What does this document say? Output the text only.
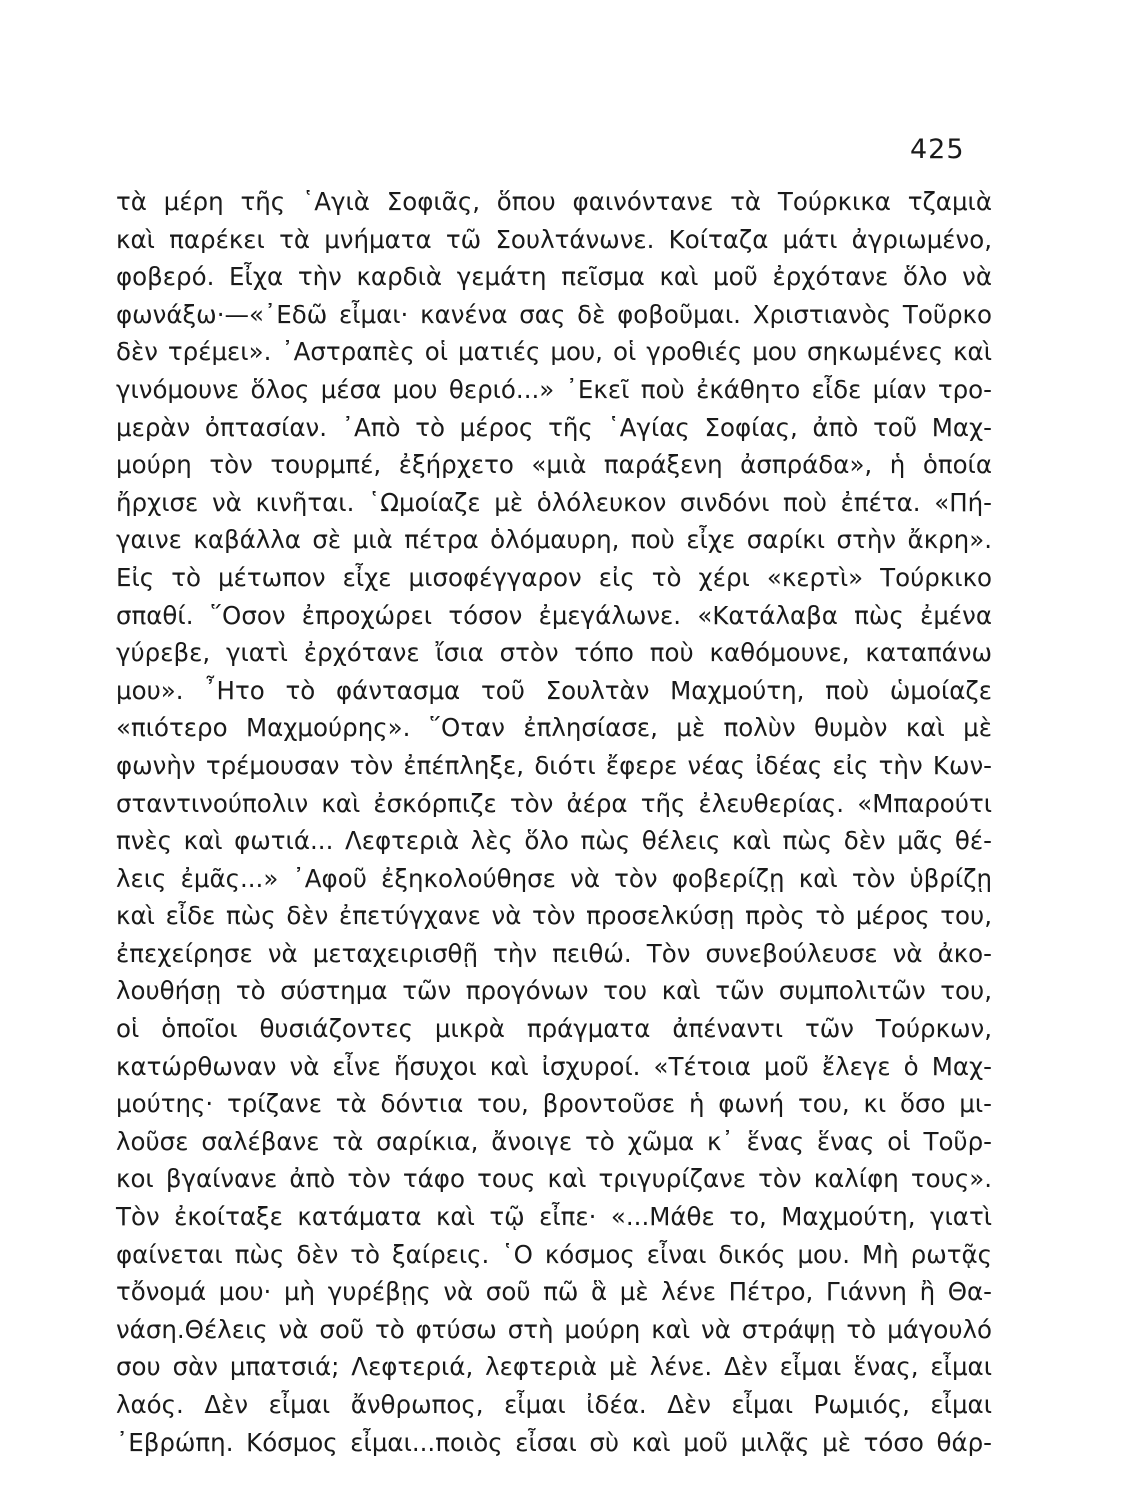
425
τὰ μέρη τῆς ῾Αγιὰ Σοφιᾶς, ὅπου φαινόντανε τὰ Τούρκικα τζαμιὰ
καὶ παρέκει τὰ μνήματα τῶ Σουλτάνωνε. Κοίταζα μάτι ἀγριωμένο,
φοβερό. Εἶχα τὴν καρδιὰ γεμάτη πεῖσμα καὶ μοῦ ἐρχότανε ὅλο νὰ
φωνάξω·—«᾽Εδῶ εἶμαι· κανένα σας δὲ φοβοῦμαι. Χριστιανὸς Τοῦρκο
δὲν τρέμει». ᾽Αστραπὲς οἱ ματιές μου, οἱ γροθιές μου σηκωμένες καὶ
γινόμουνε ὅλος μέσα μου θεριό...» ᾽Εκεῖ ποὺ ἐκάθητο εἶδε μίαν τρο-
μερὰν ὀπτασίαν. ᾽Απὸ τὸ μέρος τῆς ῾Αγίας Σοφίας, ἀπὸ τοῦ Μαχ-
μούρη τὸν τουρμπέ, ἐξήρχετο «μιὰ παράξενη ἀσπράδα», ἡ ὁποία
ἤρχισε νὰ κινῆται. ῾Ωμοίαζε μὲ ὁλόλευκον σινδόνι ποὺ ἐπέτα. «Πή-
γαινε καβάλλα σὲ μιὰ πέτρα ὁλόμαυρη, ποὺ εἶχε σαρίκι στὴν ἄκρη».
Εἰς τὸ μέτωπον εἶχε μισοφέγγαρον εἰς τὸ χέρι «κερτὶ» Τούρκικο
σπαθί. ῞Οσον ἐπροχώρει τόσον ἐμεγάλωνε. «Κατάλαβα πὼς ἐμένα
γύρεβε, γιατὶ ἐρχότανε ἴσια στὸν τόπο ποὺ καθόμουνε, καταπάνω
μου». ῏Ητο τὸ φάντασμα τοῦ Σουλτὰν Μαχμούτη, ποὺ ὡμοίαζε
«πιότερο Μαχμούρης». ῞Οταν ἐπλησίασε, μὲ πολὺν θυμὸν καὶ μὲ
φωνὴν τρέμουσαν τὸν ἐπέπληξε, διότι ἔφερε νέας ἰδέας εἰς τὴν Κων-
σταντινούπολιν καὶ ἐσκόρπιζε τὸν ἀέρα τῆς ἐλευθερίας. «Μπαρούτι
πνὲς καὶ φωτιά... Λεφτεριὰ λὲς ὅλο πὼς θέλεις καὶ πὼς δὲν μᾶς θέ-
λεις ἐμᾶς...» ᾽Αφοῦ ἐξηκολούθησε νὰ τὸν φοβερίζῃ καὶ τὸν ὑβρίζῃ
καὶ εἶδε πὼς δὲν ἐπετύγχανε νὰ τὸν προσελκύσῃ πρὸς τὸ μέρος του,
ἐπεχείρησε νὰ μεταχειρισθῇ τὴν πειθώ. Τὸν συνεβούλευσε νὰ ἀκο-
λουθήσῃ τὸ σύστημα τῶν προγόνων του καὶ τῶν συμπολιτῶν του,
οἱ ὁποῖοι θυσιάζοντες μικρὰ πράγματα ἀπέναντι τῶν Τούρκων,
κατώρθωναν νὰ εἶνε ἥσυχοι καὶ ἰσχυροί. «Τέτοια μοῦ ἔλεγε ὁ Μαχ-
μούτης· τρίζανε τὰ δόντια του, βροντοῦσε ἡ φωνή του, κι ὅσο μι-
λοῦσε σαλέβανε τὰ σαρίκια, ἄνοιγε τὸ χῶμα κ᾽ ἕνας ἕνας οἱ Τοῦρ-
κοι βγαίνανε ἀπὸ τὸν τάφο τους καὶ τριγυρίζανε τὸν καλίφη τους».
Τὸν ἐκοίταξε κατάματα καὶ τῷ εἶπε· «...Μάθε το, Μαχμούτη, γιατὶ
φαίνεται πὼς δὲν τὸ ξαίρεις. ῾Ο κόσμος εἶναι δικός μου. Μὴ ρωτᾷς
τὄνομά μου· μὴ γυρέβῃς νὰ σοῦ πῶ ἃ μὲ λένε Πέτρο, Γιάννη ἢ Θα-
νάση.Θέλεις νὰ σοῦ τὸ φτύσω στὴ μούρη καὶ νὰ στράψῃ τὸ μάγουλό
σου σὰν μπατσιά; Λεφτεριά, λεφτεριὰ μὲ λένε. Δὲν εἶμαι ἕνας, εἶμαι
λαός. Δὲν εἶμαι ἄνθρωπος, εἶμαι ἰδέα. Δὲν εἶμαι Ρωμιός, εἶμαι
᾽Εβρώπη. Κόσμος εἶμαι...ποιὸς εἶσαι σὺ καὶ μοῦ μιλᾷς μὲ τόσο θάρ-
